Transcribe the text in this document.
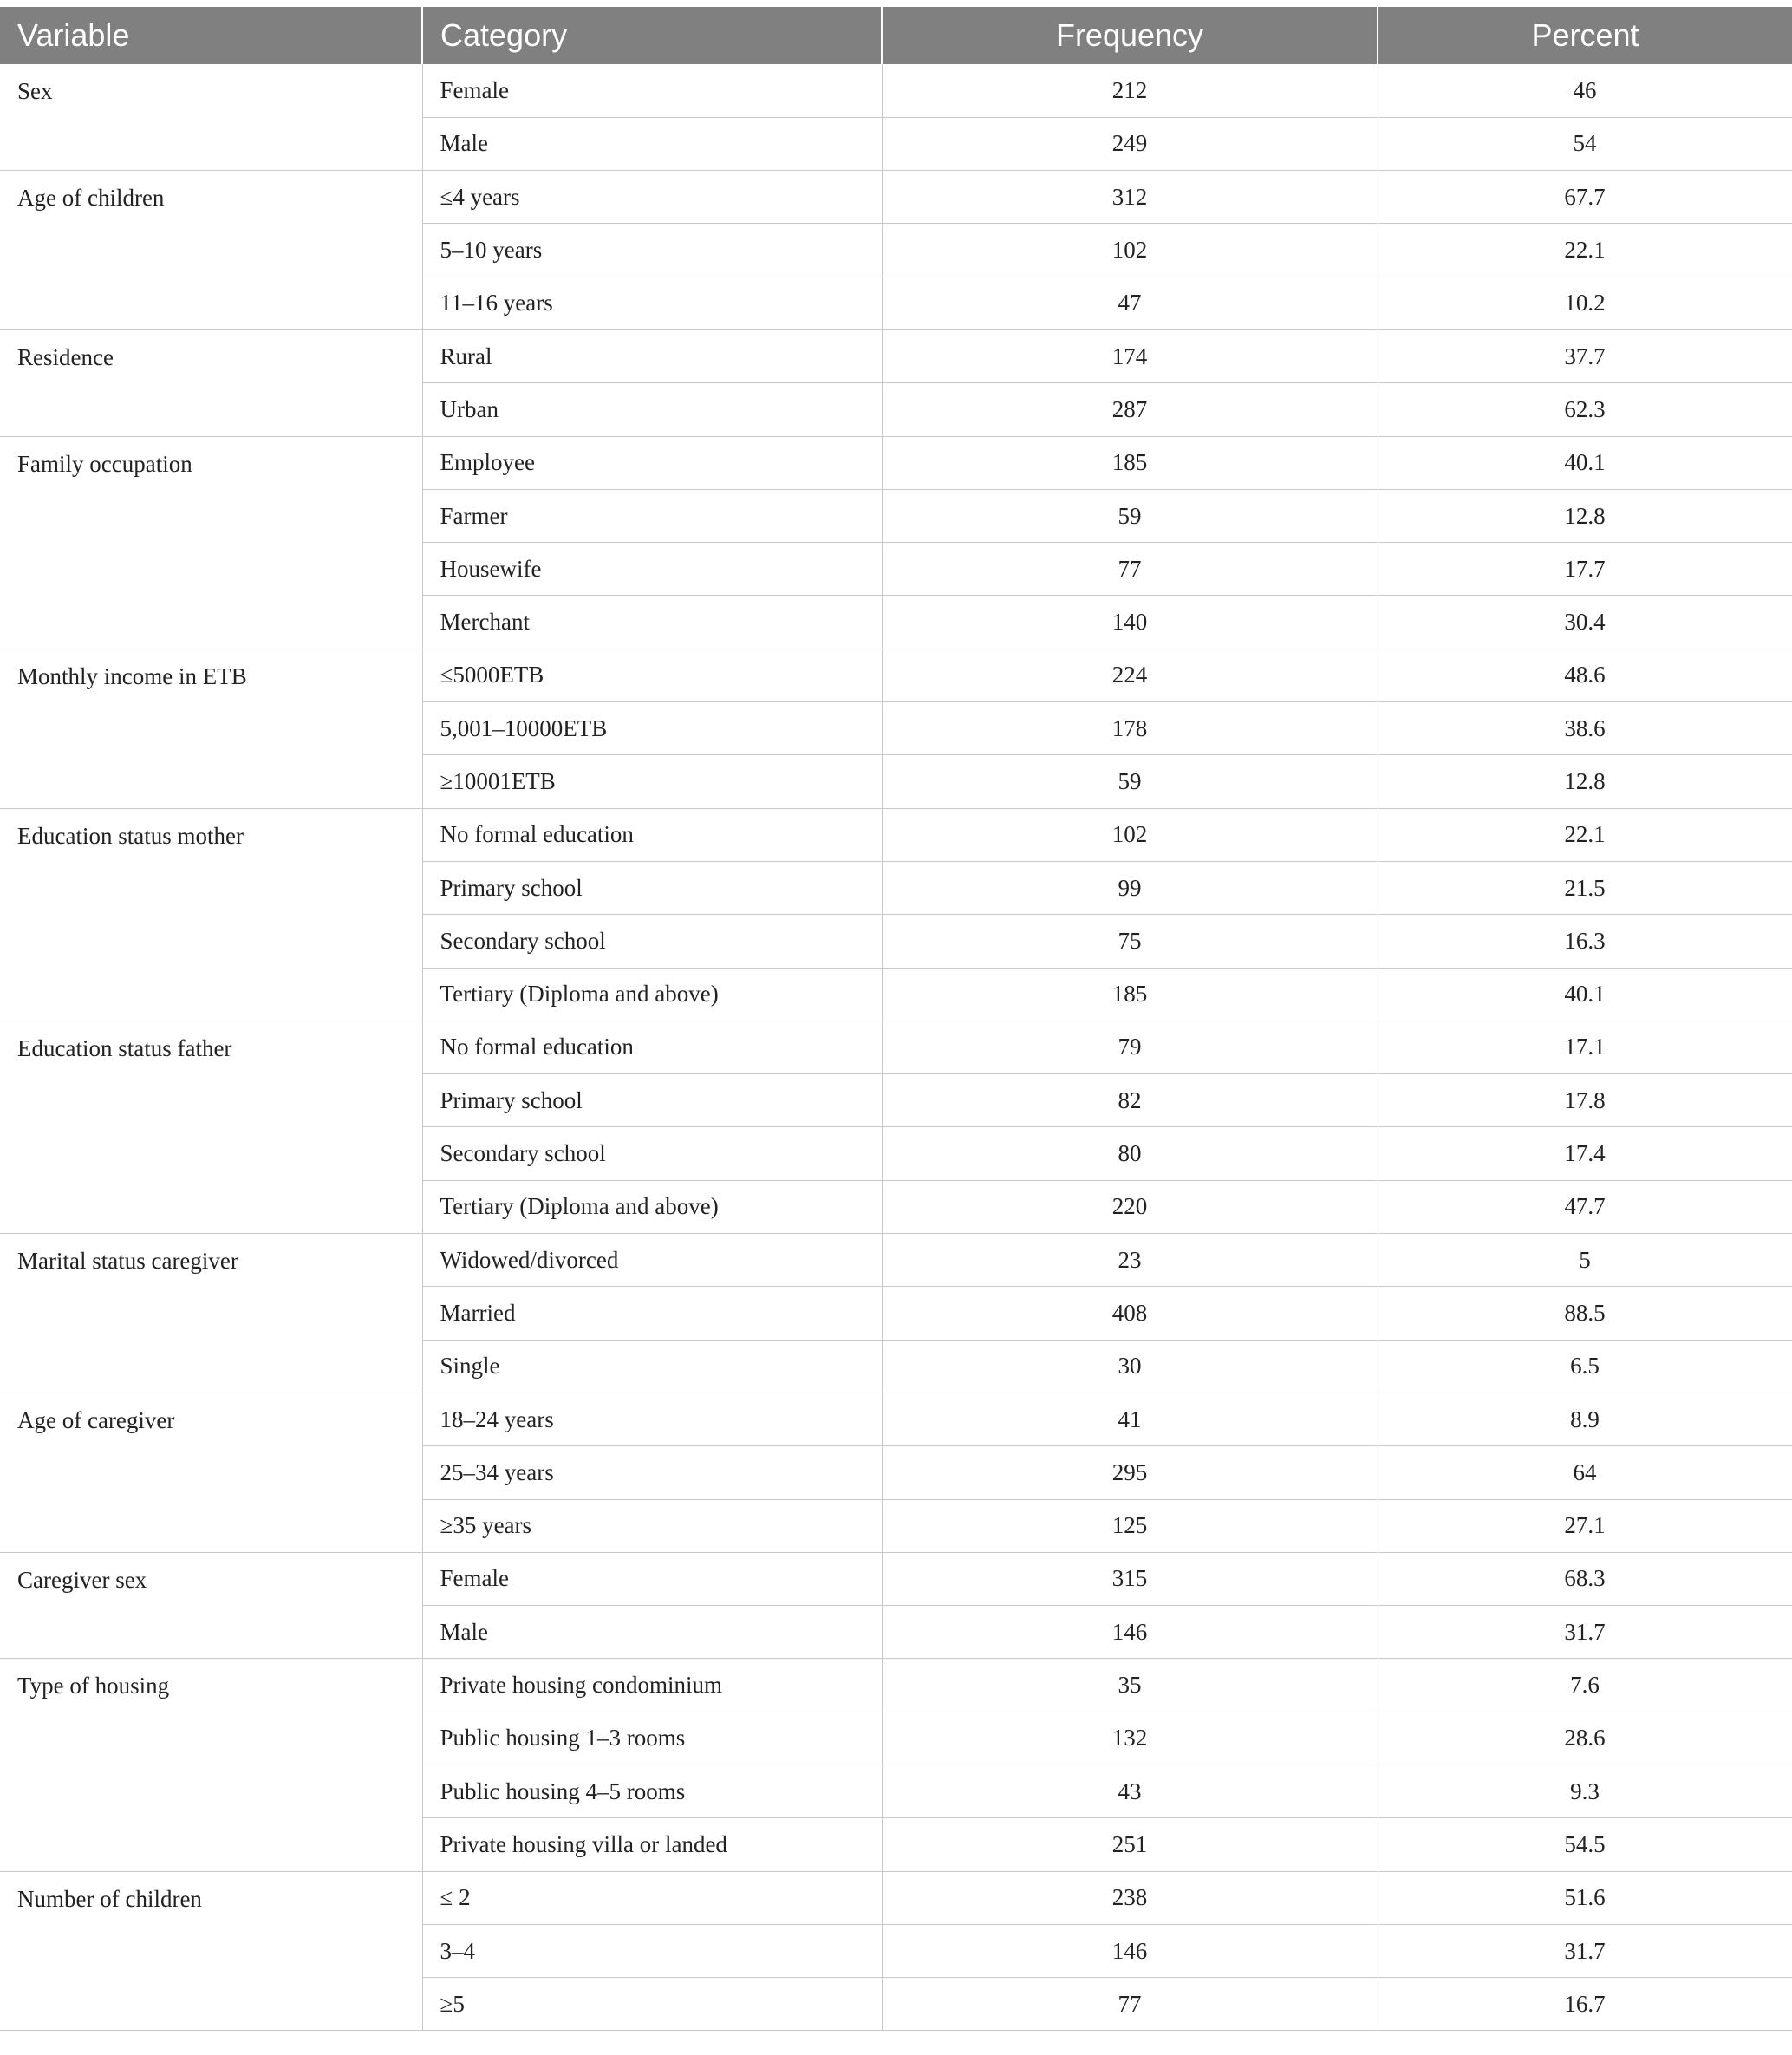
Variable	Category	Frequency	Percent
Sex	Female	212	46
	Male	249	54
Age of children	≤4 years	312	67.7
	5–10 years	102	22.1
	11–16 years	47	10.2
Residence	Rural	174	37.7
	Urban	287	62.3
Family occupation	Employee	185	40.1
	Farmer	59	12.8
	Housewife	77	17.7
	Merchant	140	30.4
Monthly income in ETB	≤5000ETB	224	48.6
	5,001–10000ETB	178	38.6
	≥10001ETB	59	12.8
Education status mother	No formal education	102	22.1
	Primary school	99	21.5
	Secondary school	75	16.3
	Tertiary (Diploma and above)	185	40.1
Education status father	No formal education	79	17.1
	Primary school	82	17.8
	Secondary school	80	17.4
	Tertiary (Diploma and above)	220	47.7
Marital status caregiver	Widowed/divorced	23	5
	Married	408	88.5
	Single	30	6.5
Age of caregiver	18–24 years	41	8.9
	25–34 years	295	64
	≥35 years	125	27.1
Caregiver sex	Female	315	68.3
	Male	146	31.7
Type of housing	Private housing condominium	35	7.6
	Public housing 1–3 rooms	132	28.6
	Public housing 4–5 rooms	43	9.3
	Private housing villa or landed	251	54.5
Number of children	≤ 2	238	51.6
	3–4	146	31.7
	≥5	77	16.7
